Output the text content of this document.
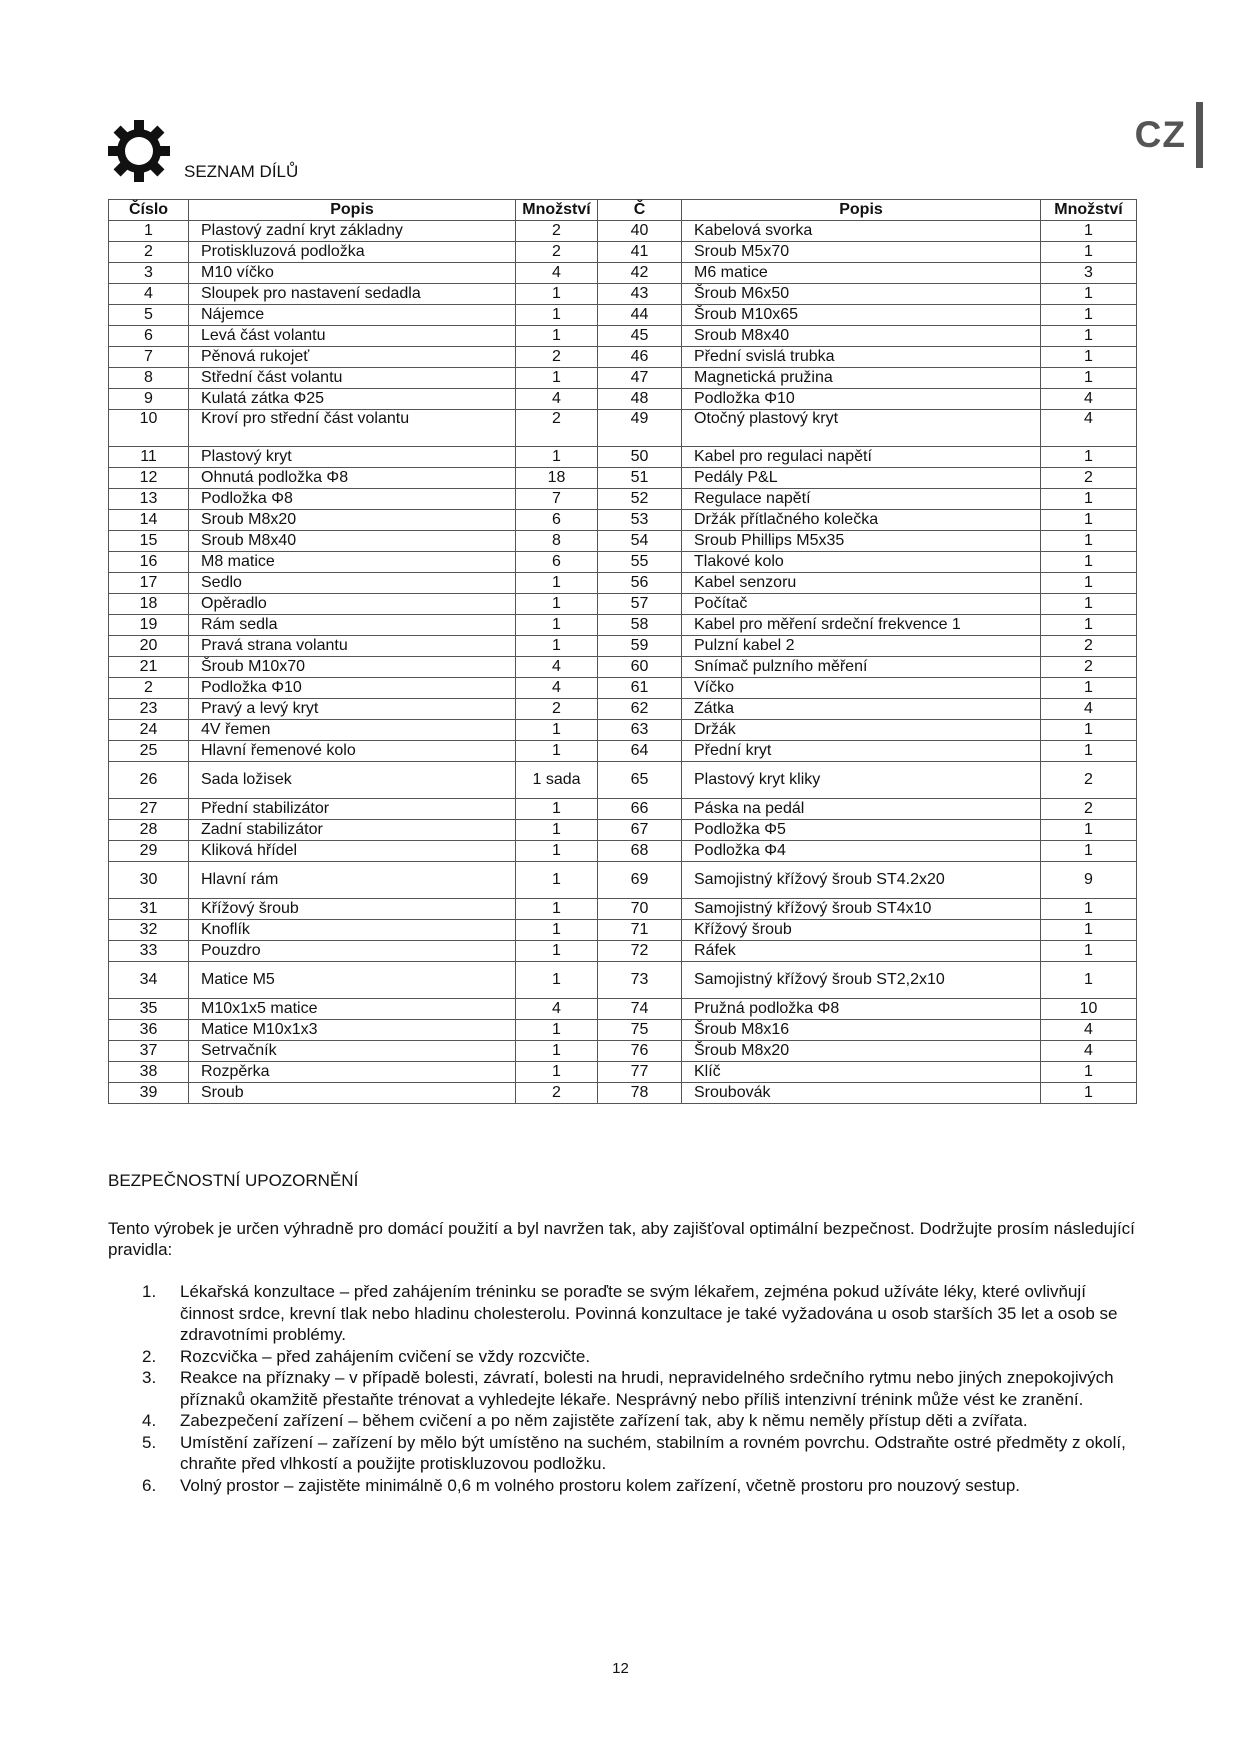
CZ
SEZNAM DÍLŮ
Číslo	Popis	Množství	Č	Popis	Množství
1	Plastový zadní kryt základny	2	40	Kabelová svorka	1
2	Protiskluzová podložka	2	41	Sroub M5x70	1
3	M10 víčko	4	42	M6 matice	3
4	Sloupek pro nastavení sedadla	1	43	Šroub M6x50	1
5	Nájemce	1	44	Šroub M10x65	1
6	Levá část volantu	1	45	Sroub M8x40	1
7	Pěnová rukojeť	2	46	Přední svislá trubka	1
8	Střední část volantu	1	47	Magnetická pružina	1
9	Kulatá zátka Φ25	4	48	Podložka Φ10	4
10	Kroví pro střední část volantu	2	49	Otočný plastový kryt	4
11	Plastový kryt	1	50	Kabel pro regulaci napětí	1
12	Ohnutá podložka Φ8	18	51	Pedály P&L	2
13	Podložka Φ8	7	52	Regulace napětí	1
14	Sroub M8x20	6	53	Držák přítlačného kolečka	1
15	Sroub M8x40	8	54	Sroub Phillips M5x35	1
16	M8 matice	6	55	Tlakové kolo	1
17	Sedlo	1	56	Kabel senzoru	1
18	Opěradlo	1	57	Počítač	1
19	Rám sedla	1	58	Kabel pro měření srdeční frekvence 1	1
20	Pravá strana volantu	1	59	Pulzní kabel 2	2
21	Šroub M10x70	4	60	Snímač pulzního měření	2
2	Podložka Φ10	4	61	Víčko	1
23	Pravý a levý kryt	2	62	Zátka	4
24	4V řemen	1	63	Držák	1
25	Hlavní řemenové kolo	1	64	Přední kryt	1
26	Sada ložisek	1 sada	65	Plastový kryt kliky	2
27	Přední stabilizátor	1	66	Páska na pedál	2
28	Zadní stabilizátor	1	67	Podložka Φ5	1
29	Kliková hřídel	1	68	Podložka Φ4	1
30	Hlavní rám	1	69	Samojistný křížový šroub ST4.2x20	9
31	Křížový šroub	1	70	Samojistný křížový šroub ST4x10	1
32	Knoflík	1	71	Křížový šroub	1
33	Pouzdro	1	72	Ráfek	1
34	Matice M5	1	73	Samojistný křížový šroub ST2,2x10	1
35	M10x1x5 matice	4	74	Pružná podložka Φ8	10
36	Matice M10x1x3	1	75	Šroub M8x16	4
37	Setrvačník	1	76	Šroub M8x20	4
38	Rozpěrka	1	77	Klíč	1
39	Sroub	2	78	Sroubovák	1
BEZPEČNOSTNÍ UPOZORNĚNÍ
Tento výrobek je určen výhradně pro domácí použití a byl navržen tak, aby zajišťoval optimální bezpečnost. Dodržujte prosím následující pravidla:
1. Lékařská konzultace – před zahájením tréninku se poraďte se svým lékařem, zejména pokud užíváte léky, které ovlivňují činnost srdce, krevní tlak nebo hladinu cholesterolu. Povinná konzultace je také vyžadována u osob starších 35 let a osob se zdravotními problémy.
2. Rozcvička – před zahájením cvičení se vždy rozcvičte.
3. Reakce na příznaky – v případě bolesti, závratí, bolesti na hrudi, nepravidelného srdečního rytmu nebo jiných znepokojivých příznaků okamžitě přestaňte trénovat a vyhledejte lékaře. Nesprávný nebo příliš intenzivní trénink může vést ke zranění.
4. Zabezpečení zařízení – během cvičení a po něm zajistěte zařízení tak, aby k němu neměly přístup děti a zvířata.
5. Umístění zařízení – zařízení by mělo být umístěno na suchém, stabilním a rovném povrchu. Odstraňte ostré předměty z okolí, chraňte před vlhkostí a použijte protiskluzovou podložku.
6. Volný prostor – zajistěte minimálně 0,6 m volného prostoru kolem zařízení, včetně prostoru pro nouzový sestup.
12
